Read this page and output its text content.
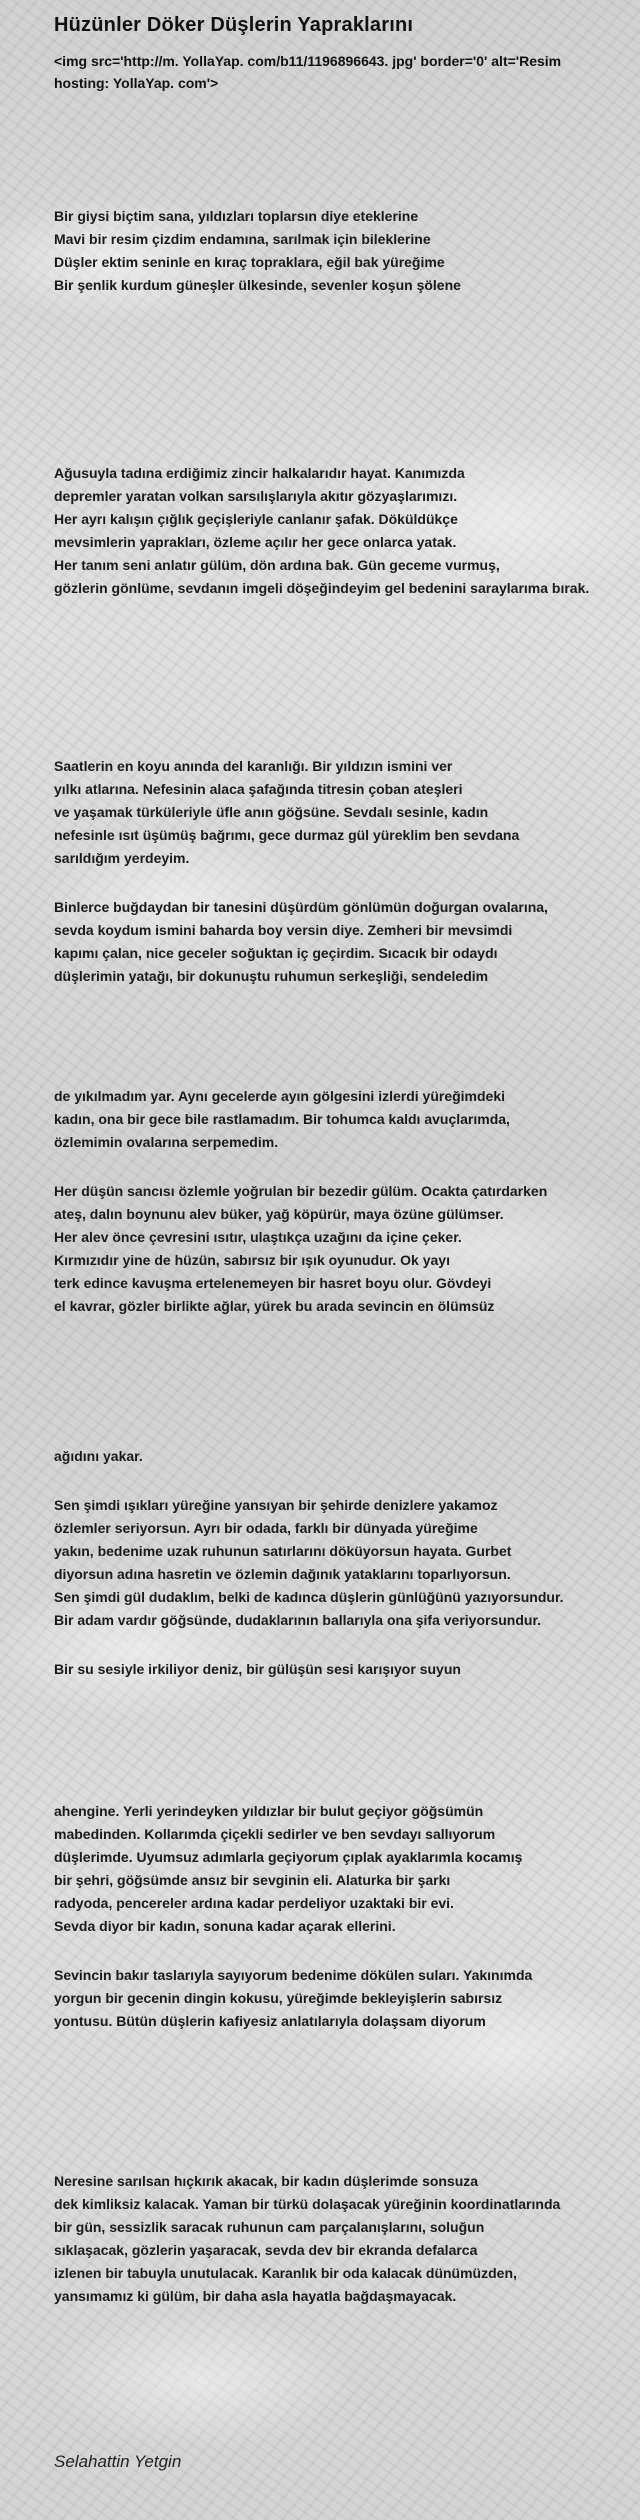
Hüzünler Döker Düşlerin Yapraklarını

<img src='http://m. YollaYap. com/b11/1196896643. jpg' border='0' alt='Resim hosting: YollaYap. com'>

Bir giysi biçtim sana, yıldızları toplarsın diye eteklerine
Mavi bir resim çizdim endamına, sarılmak için bileklerine
Düşler ektim seninle en kıraç topraklara, eğil bak yüreğime
Bir şenlik kurdum güneşler ülkesinde, sevenler koşun şölene

Ağusuyla tadına erdiğimiz zincir halkalarıdır hayat. Kanımızda
depremler yaratan volkan sarsılışlarıyla akıtır gözyaşlarımızı.
Her ayrı kalışın çığlık geçişleriyle canlanır şafak. Döküldükçe
mevsimlerin yaprakları, özleme açılır her gece onlarca yatak.
Her tanım seni anlatır gülüm, dön ardına bak. Gün geceme vurmuş,
gözlerin gönlüme, sevdanın imgeli döşeğindeyim gel bedenini saraylarıma bırak.

Saatlerin en koyu anında del karanlığı. Bir yıldızın ismini ver
yılkı atlarına. Nefesinin alaca şafağında titresin çoban ateşleri
ve yaşamak türküleriyle üfle anın göğsüne. Sevdalı sesinle, kadın
nefesinle ısıt üşümüş bağrımı, gece durmaz gül yüreklim ben sevdana
sarıldığım yerdeyim.

Binlerce buğdaydan bir tanesini düşürdüm gönlümün doğurgan ovalarına,
sevda koydum ismini baharda boy versin diye. Zemheri bir mevsimdi
kapımı çalan, nice geceler soğuktan iç geçirdim. Sıcacık bir odaydı
düşlerimin yatağı, bir dokunuştu ruhumun serkeşliği, sendeledim

de yıkılmadım yar. Aynı gecelerde ayın gölgesini izlerdi yüreğimdeki
kadın, ona bir gece bile rastlamadım. Bir tohumca kaldı avuçlarımda,
özlemimin ovalarına serpemedim.

Her düşün sancısı özlemle yoğrulan bir bezedir gülüm. Ocakta çatırdarken
ateş, dalın boynunu alev büker, yağ köpürür, maya özüne gülümser.
Her alev önce çevresini ısıtır, ulaştıkça uzağını da içine çeker.
Kırmızıdır yine de hüzün, sabırsız bir ışık oyunudur. Ok yayı
terk edince kavuşma ertelenemeyen bir hasret boyu olur. Gövdeyi
el kavrar, gözler birlikte ağlar, yürek bu arada sevincin en ölümsüz

ağıdını yakar.

Sen şimdi ışıkları yüreğine yansıyan bir şehirde denizlere yakamoz
özlemler seriyorsun. Ayrı bir odada, farklı bir dünyada yüreğime
yakın, bedenime uzak ruhunun satırlarını döküyorsun hayata. Gurbet
diyorsun adına hasretin ve özlemin dağınık yataklarını toparlıyorsun.
Sen şimdi gül dudaklım, belki de kadınca düşlerin günlüğünü yazıyorsundur.
Bir adam vardır göğsünde, dudaklarının ballarıyla ona şifa veriyorsundur.

Bir su sesiyle irkiliyor deniz, bir gülüşün sesi karışıyor suyun

ahengine. Yerli yerindeyken yıldızlar bir bulut geçiyor göğsümün
mabedinden. Kollarımda çiçekli sedirler ve ben sevdayı sallıyorum
düşlerimde. Uyumsuz adımlarla geçiyorum çıplak ayaklarımla kocamış
bir şehri, göğsümde ansız bir sevginin eli. Alaturka bir şarkı
radyoda, pencereler ardına kadar perdeliyor uzaktaki bir evi.
Sevda diyor bir kadın, sonuna kadar açarak ellerini.

Sevincin bakır taslarıyla sayıyorum bedenime dökülen suları. Yakınımda
yorgun bir gecenin dingin kokusu, yüreğimde bekleyişlerin sabırsız
yontusu. Bütün düşlerin kafiyesiz anlatılarıyla dolaşsam diyorum

Neresine sarılsan hıçkırık akacak, bir kadın düşlerimde sonsuza
dek kimliksiz kalacak. Yaman bir türkü dolaşacak yüreğinin koordinatlarında
bir gün, sessizlik saracak ruhunun cam parçalanışlarını, soluğun
sıklaşacak, gözlerin yaşaracak, sevda dev bir ekranda defalarca
izlenen bir tabuyla unutulacak. Karanlık bir oda kalacak dünümüzden,
yansımamız ki gülüm, bir daha asla hayatla bağdaşmayacak.

Selahattin Yetgin
